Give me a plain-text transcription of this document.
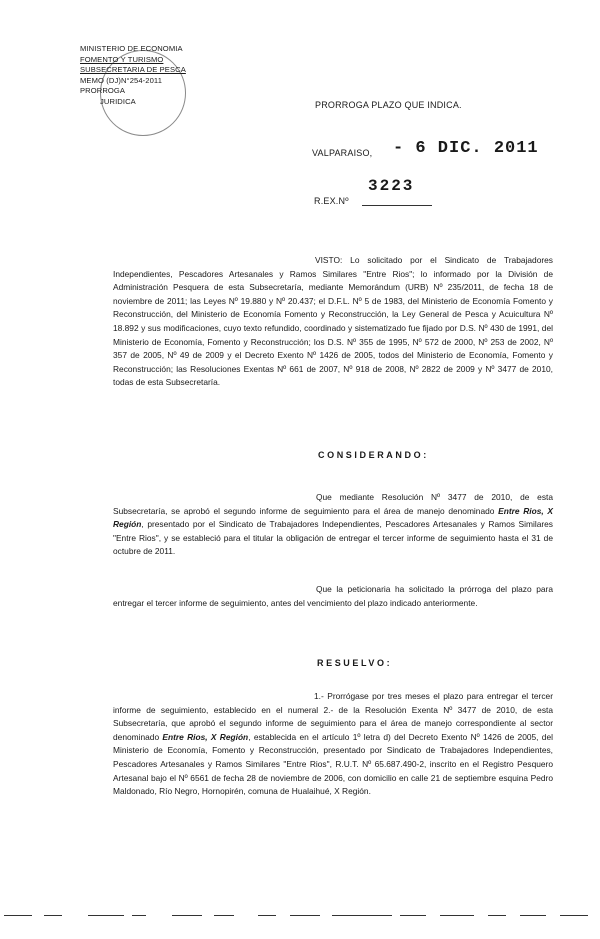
MINISTERIO DE ECONOMIA
FOMENTO Y TURISMO
SUBSECRETARIA DE PESCA
MEMO (DJ)N°254-2011 PRORROGA
JURIDICA	PRORROGA PLAZO QUE INDICA.
VALPARAISO, - 6 DIC. 2011
3223
R.EX.Nº
VISTO: Lo solicitado por el Sindicato de Trabajadores Independientes, Pescadores Artesanales y Ramos Similares "Entre Rios"; lo informado por la División de Administración Pesquera de esta Subsecretaría, mediante Memorándum (URB) Nº 235/2011, de fecha 18 de noviembre de 2011; las Leyes Nº 19.880 y Nº 20.437; el D.F.L. Nº 5 de 1983, del Ministerio de Economía Fomento y Reconstrucción, del Ministerio de Economía Fomento y Reconstrucción, la Ley General de Pesca y Acuicultura Nº 18.892 y sus modificaciones, cuyo texto refundido, coordinado y sistematizado fue fijado por D.S. Nº 430 de 1991, del Ministerio de Economía, Fomento y Reconstrucción; los D.S. Nº 355 de 1995, Nº 572 de 2000, Nº 253 de 2002, Nº 357 de 2005, Nº 49 de 2009 y el Decreto Exento Nº 1426 de 2005, todos del Ministerio de Economía, Fomento y Reconstrucción; las Resoluciones Exentas Nº 661 de 2007, Nº 918 de 2008, Nº 2822 de 2009 y Nº 3477 de 2010, todas de esta Subsecretaría.
CONSIDERANDO:
Que mediante Resolución Nº 3477 de 2010, de esta Subsecretaría, se aprobó el segundo informe de seguimiento para el área de manejo denominado Entre Rios, X Región, presentado por el Sindicato de Trabajadores Independientes, Pescadores Artesanales y Ramos Similares "Entre Rios", y se estableció para el titular la obligación de entregar el tercer informe de seguimiento hasta el 31 de octubre de 2011.
Que la peticionaria ha solicitado la prórroga del plazo para entregar el tercer informe de seguimiento, antes del vencimiento del plazo indicado anteriormente.
RESUELVO:
1.- Prorrógase por tres meses el plazo para entregar el tercer informe de seguimiento, establecido en el numeral 2.- de la Resolución Exenta Nº 3477 de 2010, de esta Subsecretaría, que aprobó el segundo informe de seguimiento para el área de manejo correspondiente al sector denominado Entre Rios, X Región, establecida en el artículo 1º letra d) del Decreto Exento Nº 1426 de 2005, del Ministerio de Economía, Fomento y Reconstrucción, presentado por Sindicato de Trabajadores Independientes, Pescadores Artesanales y Ramos Similares "Entre Rios", R.U.T. Nº 65.687.490-2, inscrito en el Registro Pesquero Artesanal bajo el Nº 6561 de fecha 28 de noviembre de 2006, con domicilio en calle 21 de septiembre esquina Pedro Maldonado, Río Negro, Hornopirén, comuna de Hualaihué, X Región.
